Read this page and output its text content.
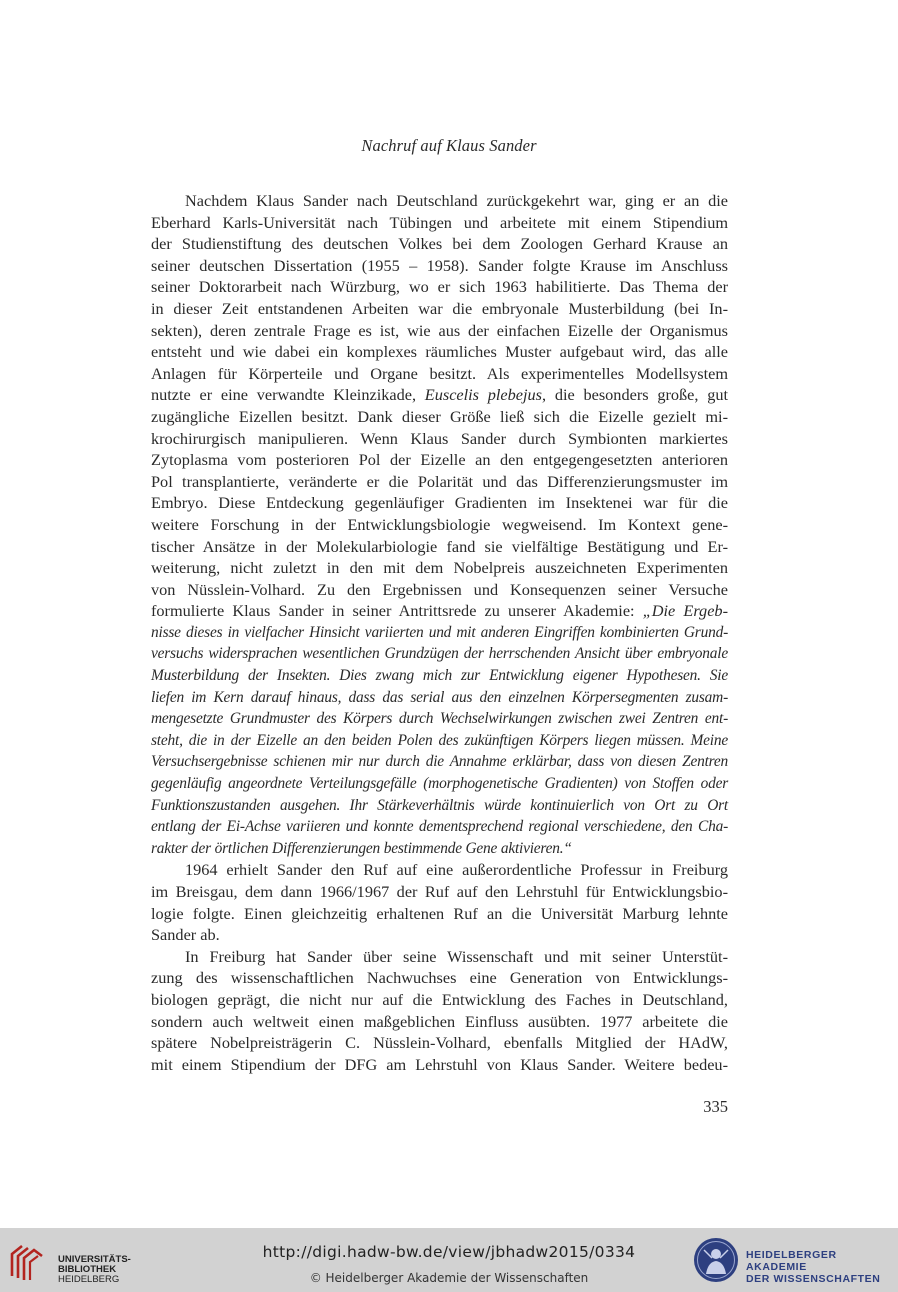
Nachruf auf Klaus Sander
Nachdem Klaus Sander nach Deutschland zurückgekehrt war, ging er an die
Eberhard Karls-Universität nach Tübingen und arbeitete mit einem Stipendium
der Studienstiftung des deutschen Volkes bei dem Zoologen Gerhard Krause an
seiner deutschen Dissertation (1955 – 1958). Sander folgte Krause im Anschluss
seiner Doktorarbeit nach Würzburg, wo er sich 1963 habilitierte. Das Thema der
in dieser Zeit entstandenen Arbeiten war die embryonale Musterbildung (bei In-
sekten), deren zentrale Frage es ist, wie aus der einfachen Eizelle der Organismus
entsteht und wie dabei ein komplexes räumliches Muster aufgebaut wird, das alle
Anlagen für Körperteile und Organe besitzt. Als experimentelles Modellsystem
nutzte er eine verwandte Kleinzikade, Euscelis plebejus, die besonders große, gut
zugängliche Eizellen besitzt. Dank dieser Größe ließ sich die Eizelle gezielt mi-
krochirurgisch manipulieren. Wenn Klaus Sander durch Symbionten markiertes
Zytoplasma vom posterioren Pol der Eizelle an den entgegengesetzten anterioren
Pol transplantierte, veränderte er die Polarität und das Differenzierungsmuster im
Embryo. Diese Entdeckung gegenläufiger Gradienten im Insektenei war für die
weitere Forschung in der Entwicklungsbiologie wegweisend. Im Kontext gene-
tischer Ansätze in der Molekularbiologie fand sie vielfältige Bestätigung und Er-
weiterung, nicht zuletzt in den mit dem Nobelpreis auszeichneten Experimenten
von Nüsslein-Volhard. Zu den Ergebnissen und Konsequenzen seiner Versuche
formulierte Klaus Sander in seiner Antrittsrede zu unserer Akademie: „Die Ergeb-
nisse dieses in vielfacher Hinsicht variierten und mit anderen Eingriffen kombinierten Grund-
versuchs widersprachen wesentlichen Grundzügen der herrschenden Ansicht über embryonale
Musterbildung der Insekten. Dies zwang mich zur Entwicklung eigener Hypothesen. Sie
liefen im Kern darauf hinaus, dass das serial aus den einzelnen Körpersegmenten zusam-
mengesetzte Grundmuster des Körpers durch Wechselwirkungen zwischen zwei Zentren ent-
steht, die in der Eizelle an den beiden Polen des zukünftigen Körpers liegen müssen. Meine
Versuchsergebnisse schienen mir nur durch die Annahme erklärbar, dass von diesen Zentren
gegenläufig angeordnete Verteilungsgefälle (morphogenetische Gradienten) von Stoffen oder
Funktionszustanden ausgehen. Ihr Stärkeverhältnis würde kontinuierlich von Ort zu Ort
entlang der Ei-Achse variieren und konnte dementsprechend regional verschiedene, den Cha-
rakter der örtlichen Differenzierungen bestimmende Gene aktivieren.“
1964 erhielt Sander den Ruf auf eine außerordentliche Professur in Freiburg
im Breisgau, dem dann 1966/1967 der Ruf auf den Lehrstuhl für Entwicklungsbio-
logie folgte. Einen gleichzeitig erhaltenen Ruf an die Universität Marburg lehnte
Sander ab.
In Freiburg hat Sander über seine Wissenschaft und mit seiner Unterstüt-
zung des wissenschaftlichen Nachwuchses eine Generation von Entwicklungs-
biologen geprägt, die nicht nur auf die Entwicklung des Faches in Deutschland,
sondern auch weltweit einen maßgeblichen Einfluss ausübten. 1977 arbeitete die
spätere Nobelpreisträgerin C. Nüsslein-Volhard, ebenfalls Mitglied der HAdW,
mit einem Stipendium der DFG am Lehrstuhl von Klaus Sander. Weitere bedeu-
335
UNIVERSITÄTS-
BIBLIOTHEK
HEIDELBERG
http://digi.hadw-bw.de/view/jbhadw2015/0334
© Heidelberger Akademie der Wissenschaften
HEIDELBERGER AKADEMIE
DER WISSENSCHAFTEN
